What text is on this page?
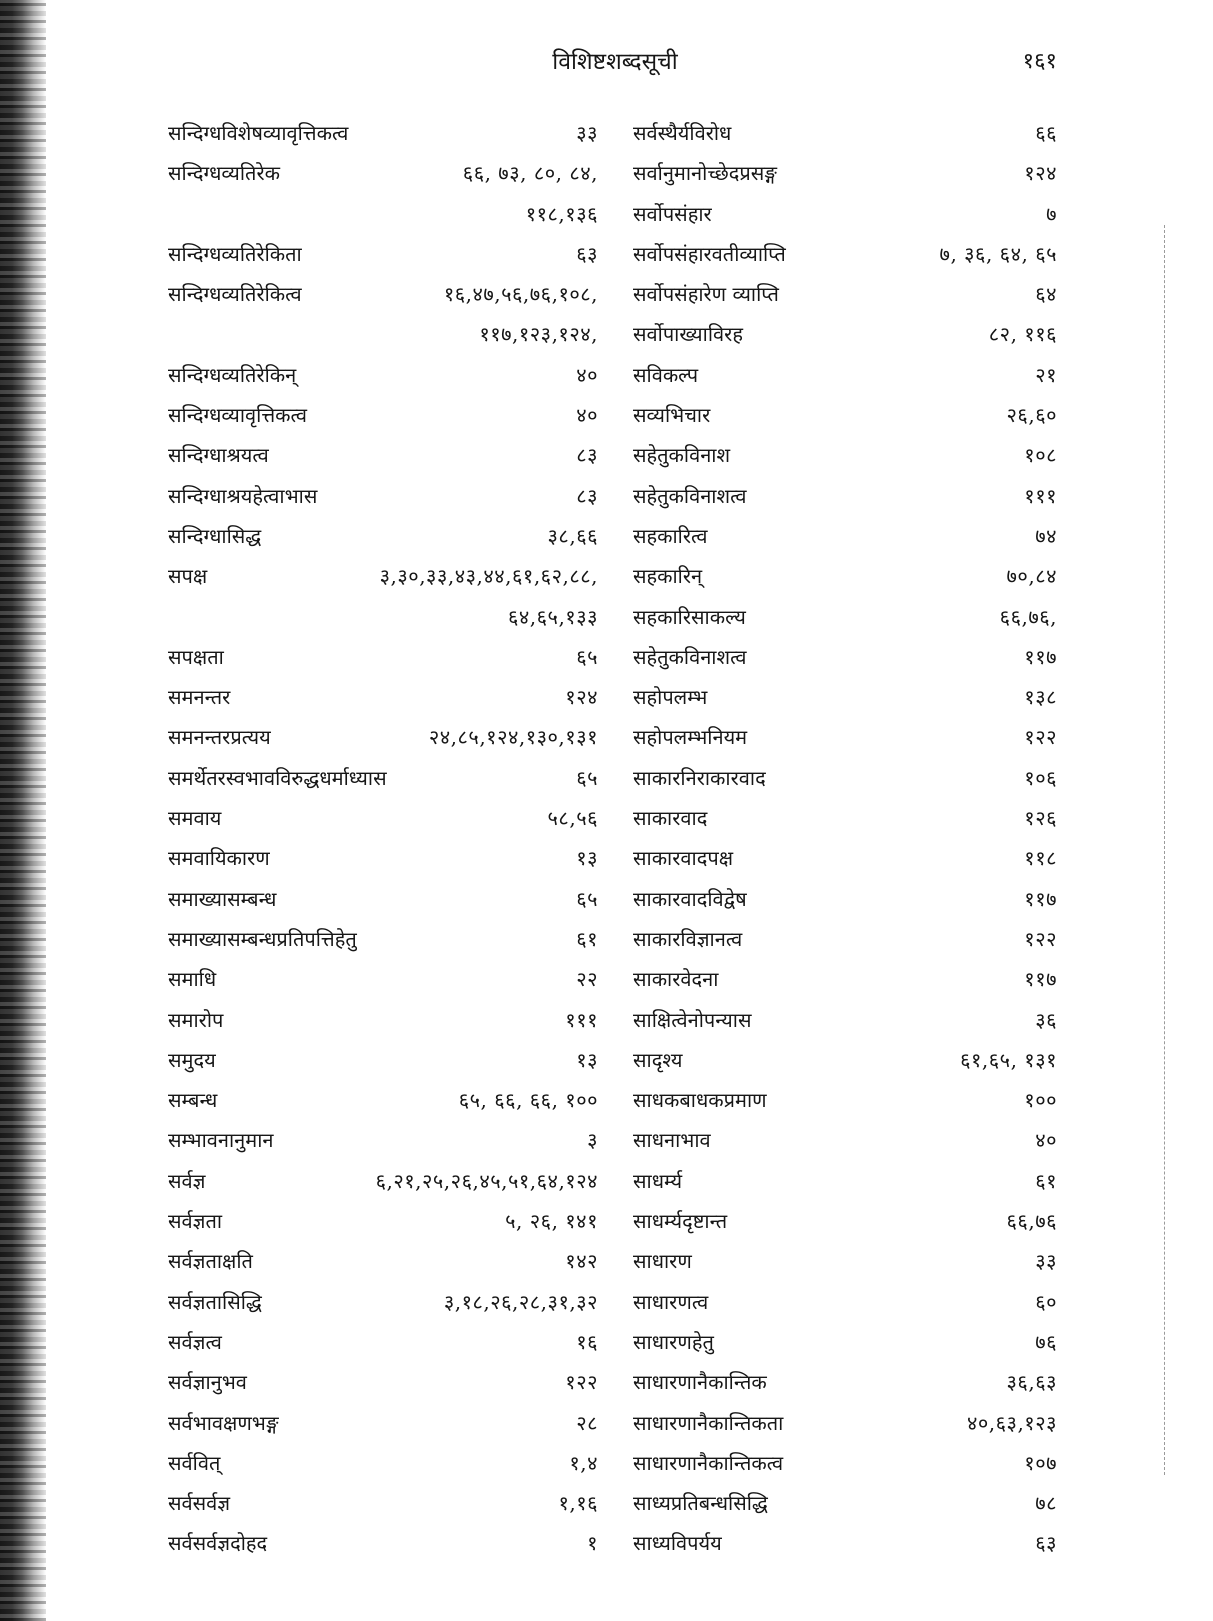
विशिष्टशब्दसूची	१६१
सन्दिग्धविशेषव्यावृत्तिकत्व	३३
सन्दिग्धव्यतिरेक	६६, ७३, ८०, ८४,
११८,१३६
सन्दिग्धव्यतिरेकिता	६३
सन्दिग्धव्यतिरेकित्व	१६,४७,५६,७६,१०८,
११७,१२३,१२४,
सन्दिग्धव्यतिरेकिन्	४०
सन्दिग्धव्यावृत्तिकत्व	४०
सन्दिग्धाश्रयत्व	८३
सन्दिग्धाश्रयहेत्वाभास	८३
सन्दिग्धासिद्ध	३८,६६
सपक्ष	३,३०,३३,४३,४४,६१,६२,८८,
६४,६५,१३३
सपक्षता	६५
समनन्तर	१२४
समनन्तरप्रत्यय	२४,८५,१२४,१३०,१३१
समर्थेतरस्वभावविरुद्धधर्माध्यास	६५
समवाय	५८,५६
समवायिकारण	१३
समाख्यासम्बन्ध	६५
समाख्यासम्बन्धप्रतिपत्तिहेतु	६१
समाधि	२२
समारोप	१११
समुदय	१३
सम्बन्ध	६५, ६६, ६६, १००
सम्भावनानुमान	३
सर्वज्ञ	६,२१,२५,२६,४५,५१,६४,१२४
सर्वज्ञता	५, २६, १४१
सर्वज्ञताक्षति	१४२
सर्वज्ञतासिद्धि	३,१८,२६,२८,३१,३२
सर्वज्ञत्व	१६
सर्वज्ञानुभव	१२२
सर्वभावक्षणभङ्ग	२८
सर्ववित्	१,४
सर्वसर्वज्ञ	१,१६
सर्वसर्वज्ञदोहद	१
सर्वस्थैर्यविरोध	६६
सर्वानुमानोच्छेदप्रसङ्ग	१२४
सर्वोपसंहार	७
सर्वोपसंहारवतीव्याप्ति	७, ३६, ६४, ६५
सर्वोपसंहारेण व्याप्ति	६४
सर्वोपाख्याविरह	८२, ११६
सविकल्प	२१
सव्यभिचार	२६,६०
सहेतुकविनाश	१०८
सहेतुकविनाशत्व	१११
सहकारित्व	७४
सहकारिन्	७०,८४
सहकारिसाकल्य	६६,७६,
सहेतुकविनाशत्व	११७
सहोपलम्भ	१३८
सहोपलम्भनियम	१२२
साकारनिराकारवाद	१०६
साकारवाद	१२६
साकारवादपक्ष	११८
साकारवादविद्वेष	११७
साकारविज्ञानत्व	१२२
साकारवेदना	११७
साक्षित्वेनोपन्यास	३६
सादृश्य	६१,६५, १३१
साधकबाधकप्रमाण	१००
साधनाभाव	४०
साधर्म्य	६१
साधर्म्यदृष्टान्त	६६,७६
साधारण	३३
साधारणत्व	६०
साधारणहेतु	७६
साधारणानैकान्तिक	३६,६३
साधारणानैकान्तिकता	४०,६३,१२३
साधारणानैकान्तिकत्व	१०७
साध्यप्रतिबन्धसिद्धि	७८
साध्यविपर्यय	६३
